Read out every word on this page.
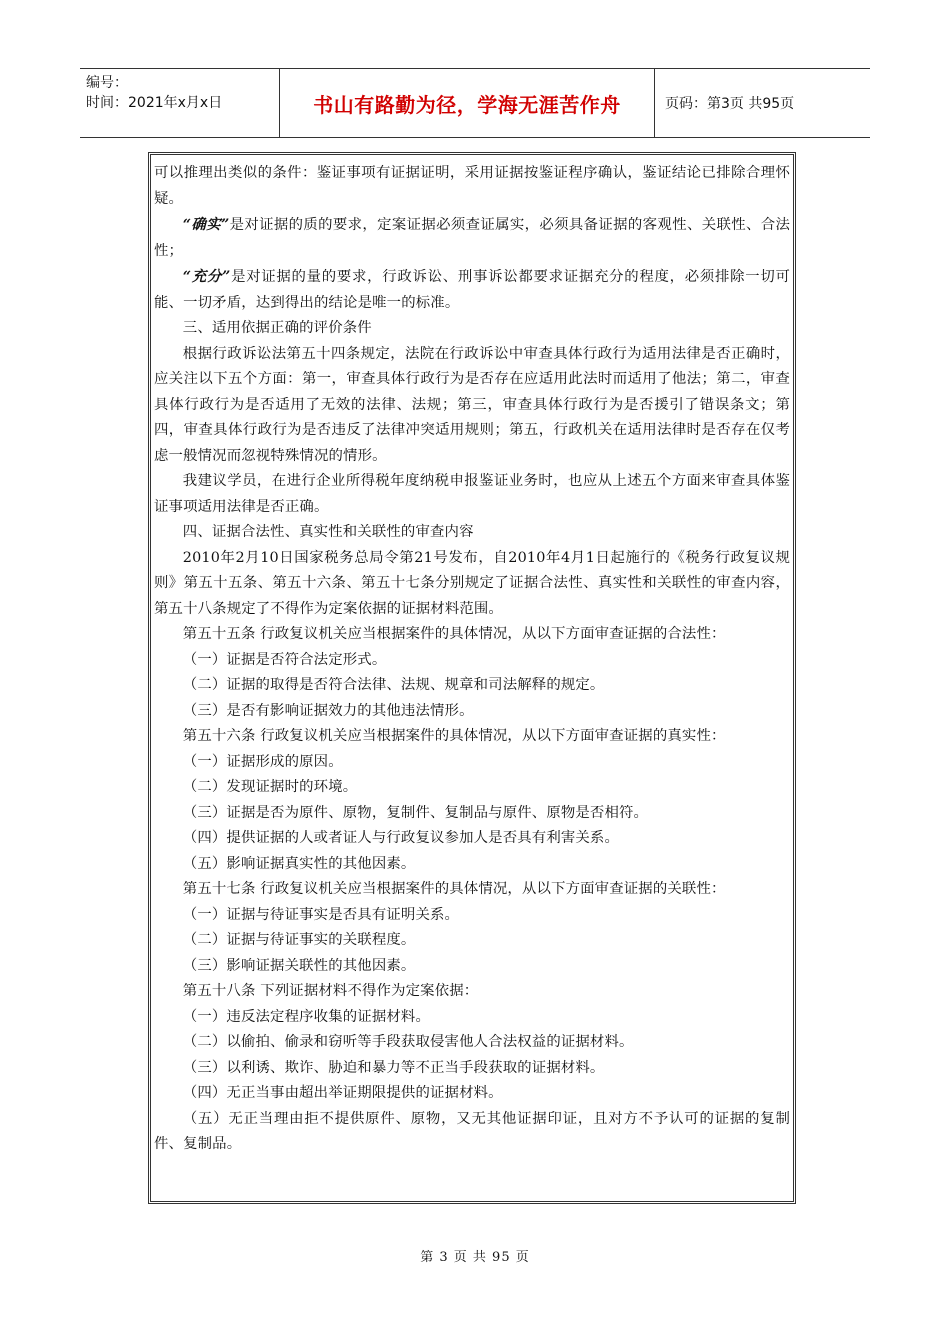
编号：
时间：2021年x月x日	书山有路勤为径，学海无涯苦作舟	页码：第3页 共95页

可以推理出类似的条件：鉴证事项有证据证明，采用证据按鉴证程序确认，鉴证结论已排除合理怀疑。

“确实”是对证据的质的要求，定案证据必须查证属实，必须具备证据的客观性、关联性、合法性；

“充分”是对证据的量的要求，行政诉讼、刑事诉讼都要求证据充分的程度，必须排除一切可能、一切矛盾，达到得出的结论是唯一的标准。

三、适用依据正确的评价条件

根据行政诉讼法第五十四条规定，法院在行政诉讼中审查具体行政行为适用法律是否正确时，应关注以下五个方面：第一，审查具体行政行为是否存在应适用此法时而适用了他法；第二，审查具体行政行为是否适用了无效的法律、法规；第三，审查具体行政行为是否援引了错误条文；第四，审查具体行政行为是否违反了法律冲突适用规则；第五，行政机关在适用法律时是否存在仅考虑一般情况而忽视特殊情况的情形。

我建议学员，在进行企业所得税年度纳税申报鉴证业务时，也应从上述五个方面来审查具体鉴证事项适用法律是否正确。

四、证据合法性、真实性和关联性的审查内容

2010年2月10日国家税务总局令第21号发布，自2010年4月1日起施行的《税务行政复议规则》第五十五条、第五十六条、第五十七条分别规定了证据合法性、真实性和关联性的审查内容，第五十八条规定了不得作为定案依据的证据材料范围。

第五十五条 行政复议机关应当根据案件的具体情况，从以下方面审查证据的合法性：

（一）证据是否符合法定形式。

（二）证据的取得是否符合法律、法规、规章和司法解释的规定。

（三）是否有影响证据效力的其他违法情形。

第五十六条 行政复议机关应当根据案件的具体情况，从以下方面审查证据的真实性：

（一）证据形成的原因。

（二）发现证据时的环境。

（三）证据是否为原件、原物，复制件、复制品与原件、原物是否相符。

（四）提供证据的人或者证人与行政复议参加人是否具有利害关系。

（五）影响证据真实性的其他因素。

第五十七条 行政复议机关应当根据案件的具体情况，从以下方面审查证据的关联性：

（一）证据与待证事实是否具有证明关系。

（二）证据与待证事实的关联程度。

（三）影响证据关联性的其他因素。

第五十八条 下列证据材料不得作为定案依据：

（一）违反法定程序收集的证据材料。

（二）以偷拍、偷录和窃听等手段获取侵害他人合法权益的证据材料。

（三）以利诱、欺诈、胁迫和暴力等不正当手段获取的证据材料。

（四）无正当事由超出举证期限提供的证据材料。

（五）无正当理由拒不提供原件、原物，又无其他证据印证，且对方不予认可的证据的复制件、复制品。

第 3 页 共 95 页
